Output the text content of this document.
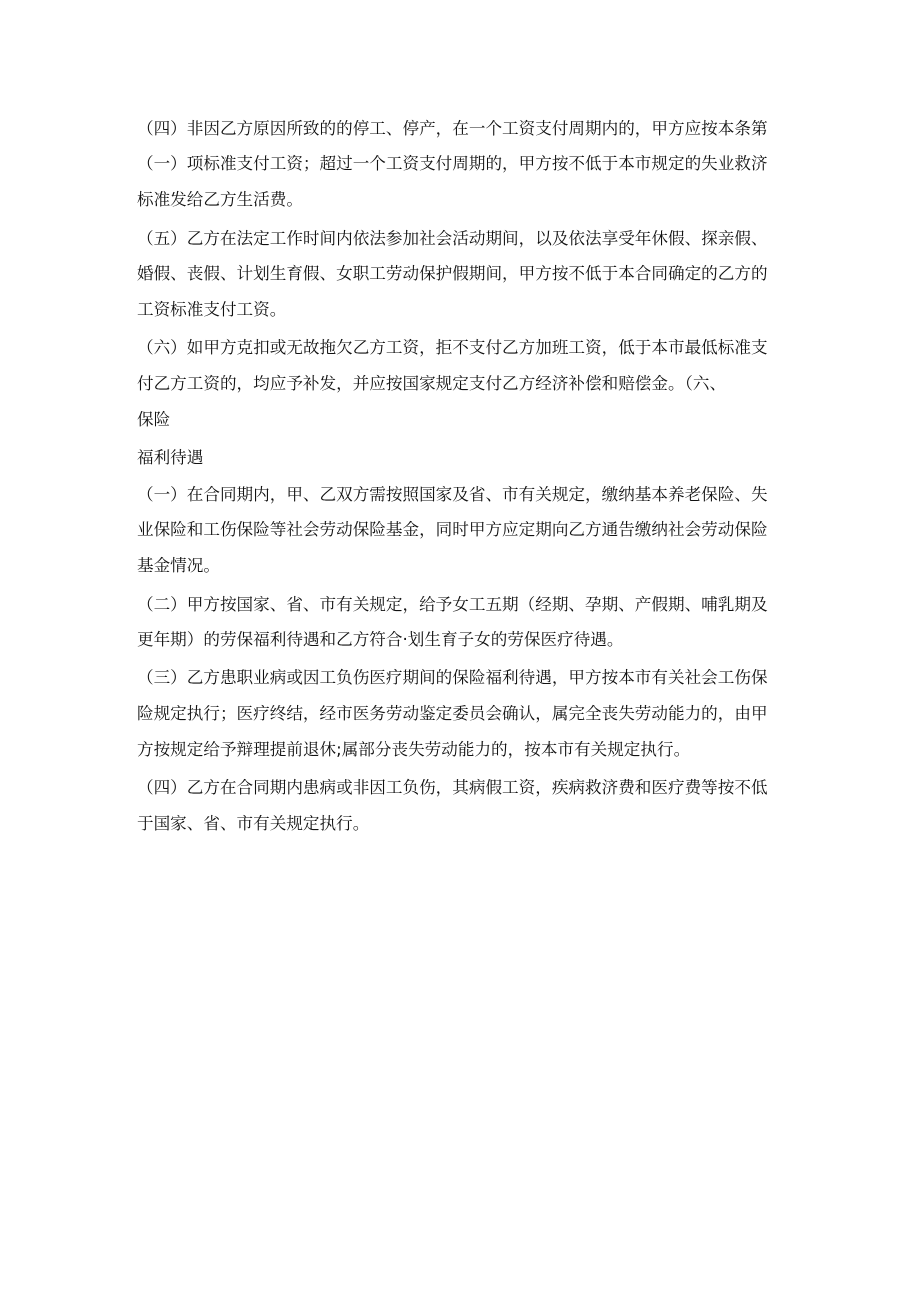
（四）非因乙方原因所致的的停工、停产，在一个工资支付周期内的，甲方应按本条第
（一）项标准支付工资；超过一个工资支付周期的，甲方按不低于本市规定的失业救济
标准发给乙方生活费。
（五）乙方在法定工作时间内依法参加社会活动期间，以及依法享受年休假、探亲假、
婚假、丧假、计划生育假、女职工劳动保护假期间，甲方按不低于本合同确定的乙方的
工资标准支付工资。
（六）如甲方克扣或无故拖欠乙方工资，拒不支付乙方加班工资，低于本市最低标准支
付乙方工资的，均应予补发，并应按国家规定支付乙方经济补偿和赔偿金。（六、
保险
福利待遇
（一）在合同期内，甲、乙双方需按照国家及省、市有关规定，缴纳基本养老保险、失
业保险和工伤保险等社会劳动保险基金，同时甲方应定期向乙方通告缴纳社会劳动保险
基金情况。
（二）甲方按国家、省、市有关规定，给予女工五期（经期、孕期、产假期、哺乳期及
更年期）的劳保福利待遇和乙方符合·划生育子女的劳保医疗待遇。
（三）乙方患职业病或因工负伤医疗期间的保险福利待遇，甲方按本市有关社会工伤保
险规定执行；医疗终结，经市医务劳动鉴定委员会确认，属完全丧失劳动能力的，由甲
方按规定给予辩理提前退休;属部分丧失劳动能力的，按本市有关规定执行。
（四）乙方在合同期内患病或非因工负伤，其病假工资，疾病救济费和医疗费等按不低
于国家、省、市有关规定执行。
